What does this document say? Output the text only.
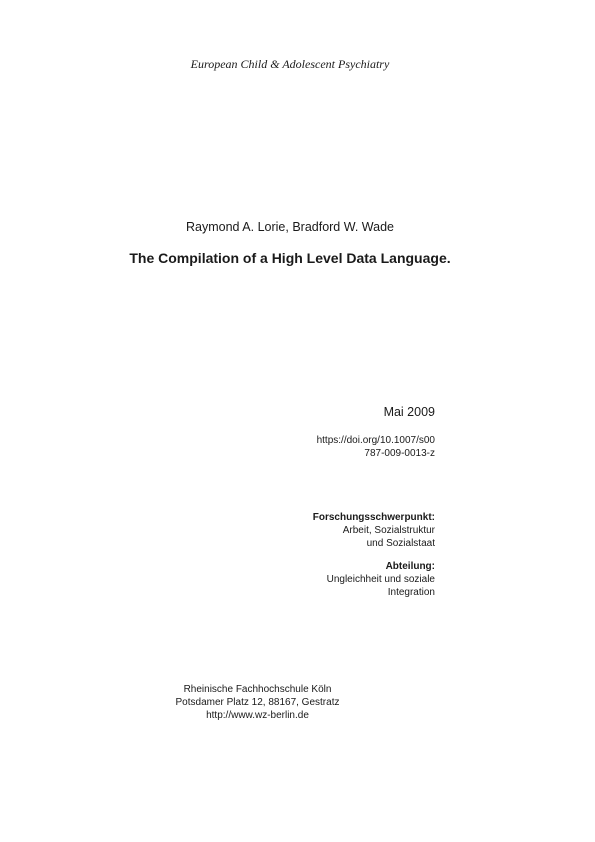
European Child & Adolescent Psychiatry
Raymond A. Lorie, Bradford W. Wade
The Compilation of a High Level Data Language.
Mai 2009
https://doi.org/10.1007/s00
787-009-0013-z
Forschungsschwerpunkt:
Arbeit, Sozialstruktur
und Sozialstaat
Abteilung:
Ungleichheit und soziale
Integration
Rheinische Fachhochschule Köln
Potsdamer Platz 12, 88167, Gestratz
http://www.wz-berlin.de
